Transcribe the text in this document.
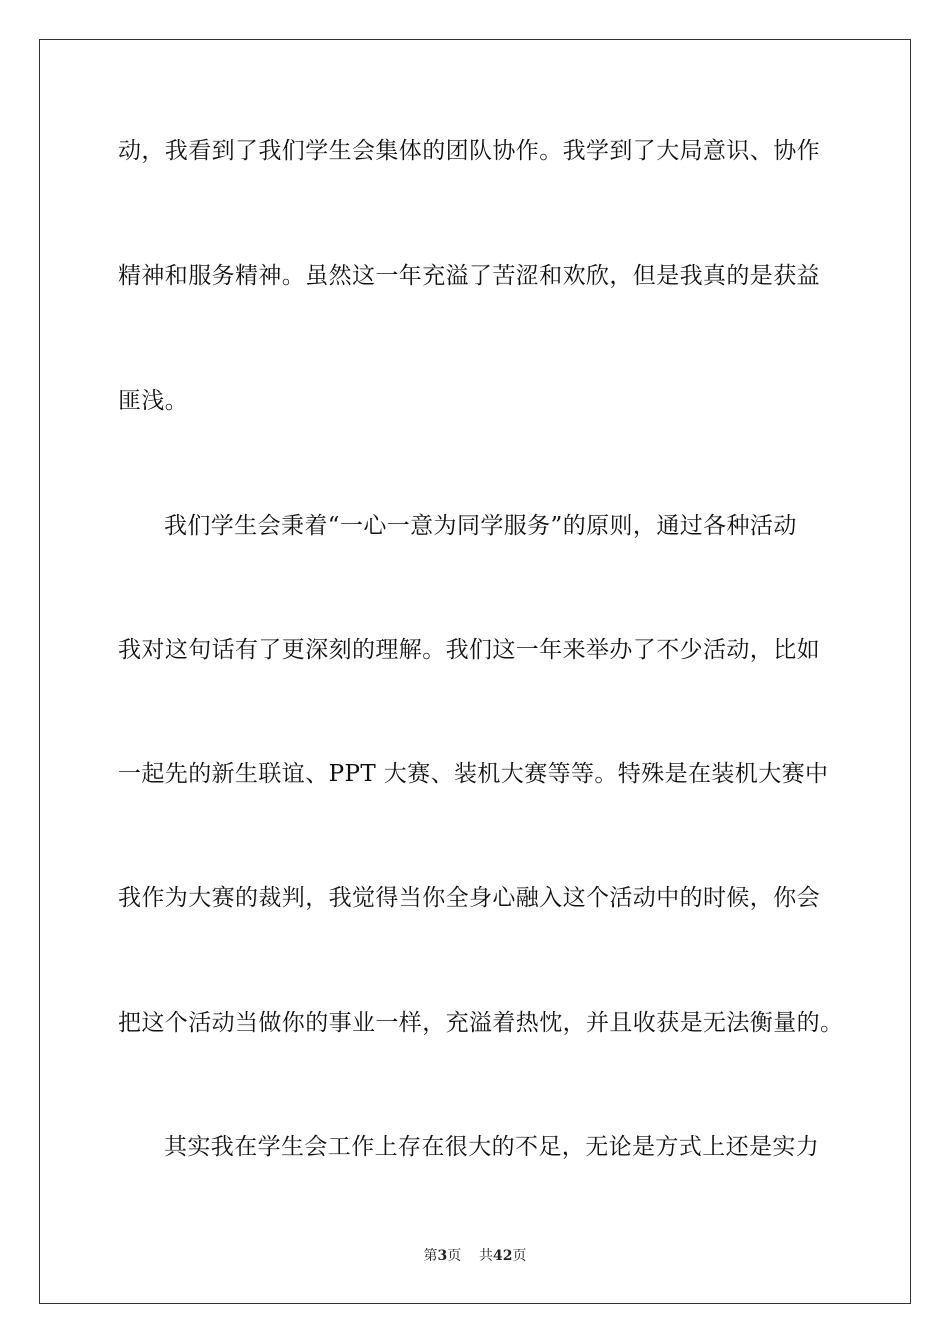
动，我看到了我们学生会集体的团队协作。我学到了大局意识、协作
精神和服务精神。虽然这一年充溢了苦涩和欢欣，但是我真的是获益
匪浅。
我们学生会秉着“一心一意为同学服务”的原则，通过各种活动
我对这句话有了更深刻的理解。我们这一年来举办了不少活动，比如
一起先的新生联谊、PPT 大赛、装机大赛等等。特殊是在装机大赛中
我作为大赛的裁判，我觉得当你全身心融入这个活动中的时候，你会
把这个活动当做你的事业一样，充溢着热忱，并且收获是无法衡量的。
其实我在学生会工作上存在很大的不足，无论是方式上还是实力
第3页 共42页
